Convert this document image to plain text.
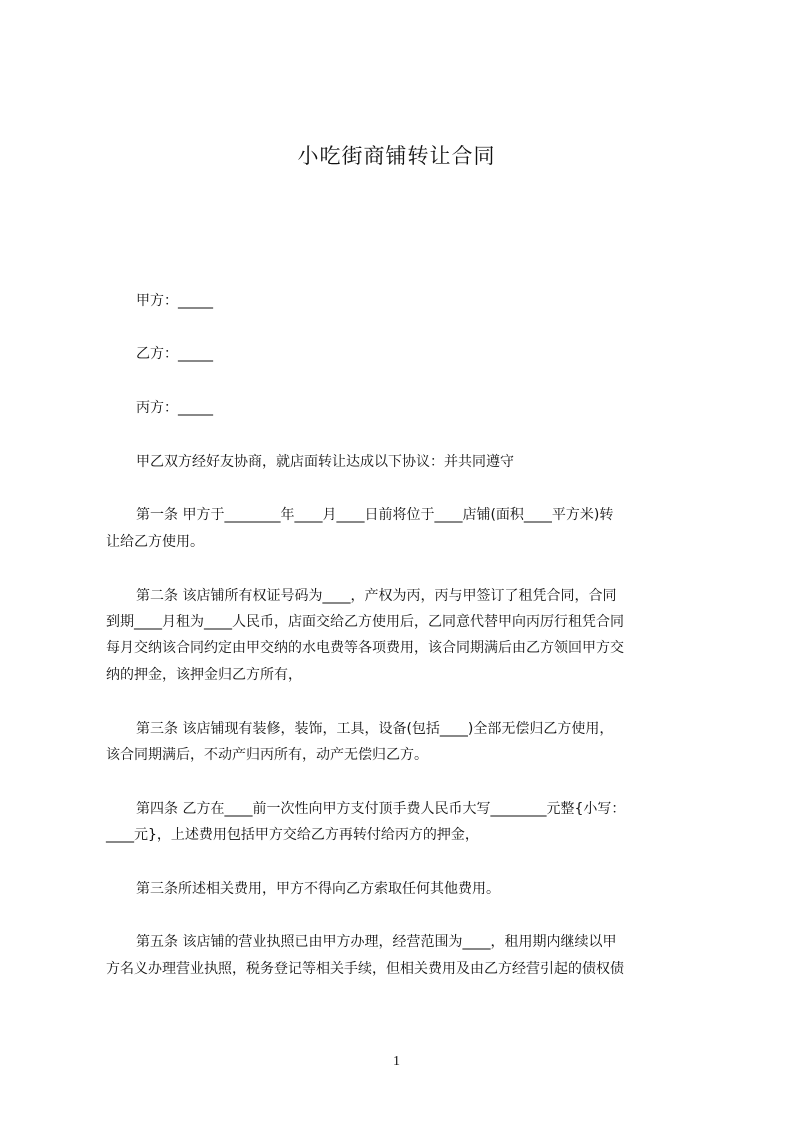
小吃街商铺转让合同
甲方：_____
乙方：_____
丙方：_____
甲乙双方经好友协商，就店面转让达成以下协议：并共同遵守
第一条 甲方于________年____月____日前将位于____店铺(面积____平方米)转
让给乙方使用。
第二条 该店铺所有权证号码为____，产权为丙，丙与甲签订了租凭合同，合同
到期____月租为____人民币，店面交给乙方使用后，乙同意代替甲向丙厉行租凭合同
每月交纳该合同约定由甲交纳的水电费等各项费用，该合同期满后由乙方领回甲方交
纳的押金，该押金归乙方所有，
第三条 该店铺现有装修，装饰，工具，设备(包括____)全部无偿归乙方使用，
该合同期满后，不动产归丙所有，动产无偿归乙方。
第四条 乙方在____前一次性向甲方支付顶手费人民币大写________元整{小写：
____元}，上述费用包括甲方交给乙方再转付给丙方的押金，
第三条所述相关费用，甲方不得向乙方索取任何其他费用。
第五条 该店铺的营业执照已由甲方办理，经营范围为____，租用期内继续以甲
方名义办理营业执照，税务登记等相关手续，但相关费用及由乙方经营引起的债权债
1
